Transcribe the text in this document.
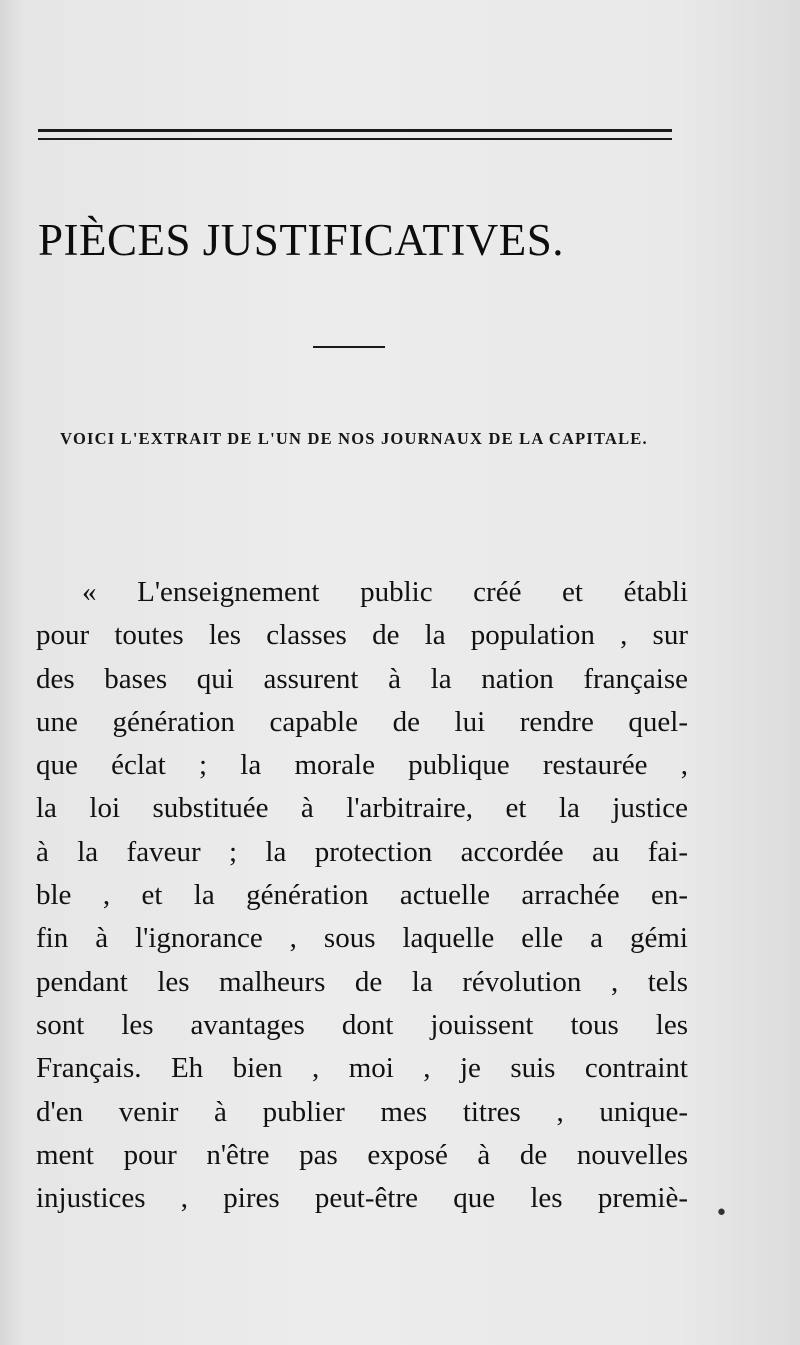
PIÈCES JUSTIFICATIVES.

VOICI L'EXTRAIT DE L'UN DE NOS JOURNAUX DE LA CAPITALE.

« L'enseignement public créé et établi
pour toutes les classes de la population , sur
des bases qui assurent à la nation française
une génération capable de lui rendre quel-
que éclat ; la morale publique restaurée ,
la loi substituée à l'arbitraire, et la justice
à la faveur ; la protection accordée au fai-
ble , et la génération actuelle arrachée en-
fin à l'ignorance , sous laquelle elle a gémi
pendant les malheurs de la révolution , tels
sont les avantages dont jouissent tous les
Français. Eh bien , moi , je suis contraint
d'en venir à publier mes titres , unique-
ment pour n'être pas exposé à de nouvelles
injustices , pires peut-être que les premiè- •
